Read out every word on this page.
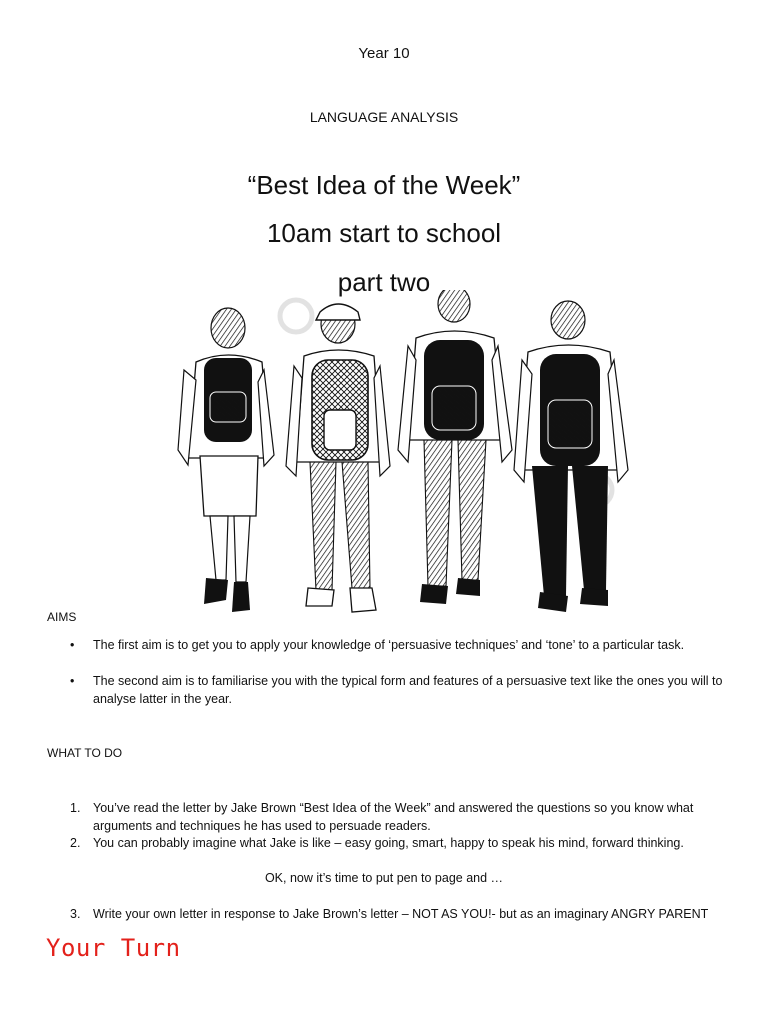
Year 10
LANGUAGE ANALYSIS
“Best Idea of the Week”
10am start to school
part two
AIMS
•	The first aim is to get you to apply your knowledge of ‘persuasive techniques’ and ‘tone’ to a particular task.
•	The second aim is to familiarise you with the typical form and features of a persuasive text like the ones you will to analyse latter in the year.
WHAT TO DO
1.	You’ve read the letter by Jake Brown “Best Idea of the Week” and answered the questions so you know what arguments and techniques he has used to persuade readers.
2.	You can probably imagine what Jake is like – easy going, smart, happy to speak his mind, forward thinking.
OK, now it’s time to put pen to page and …
3.	Write your own letter in response to Jake Brown’s letter – NOT AS YOU!- but as an imaginary ANGRY PARENT
Your Turn
